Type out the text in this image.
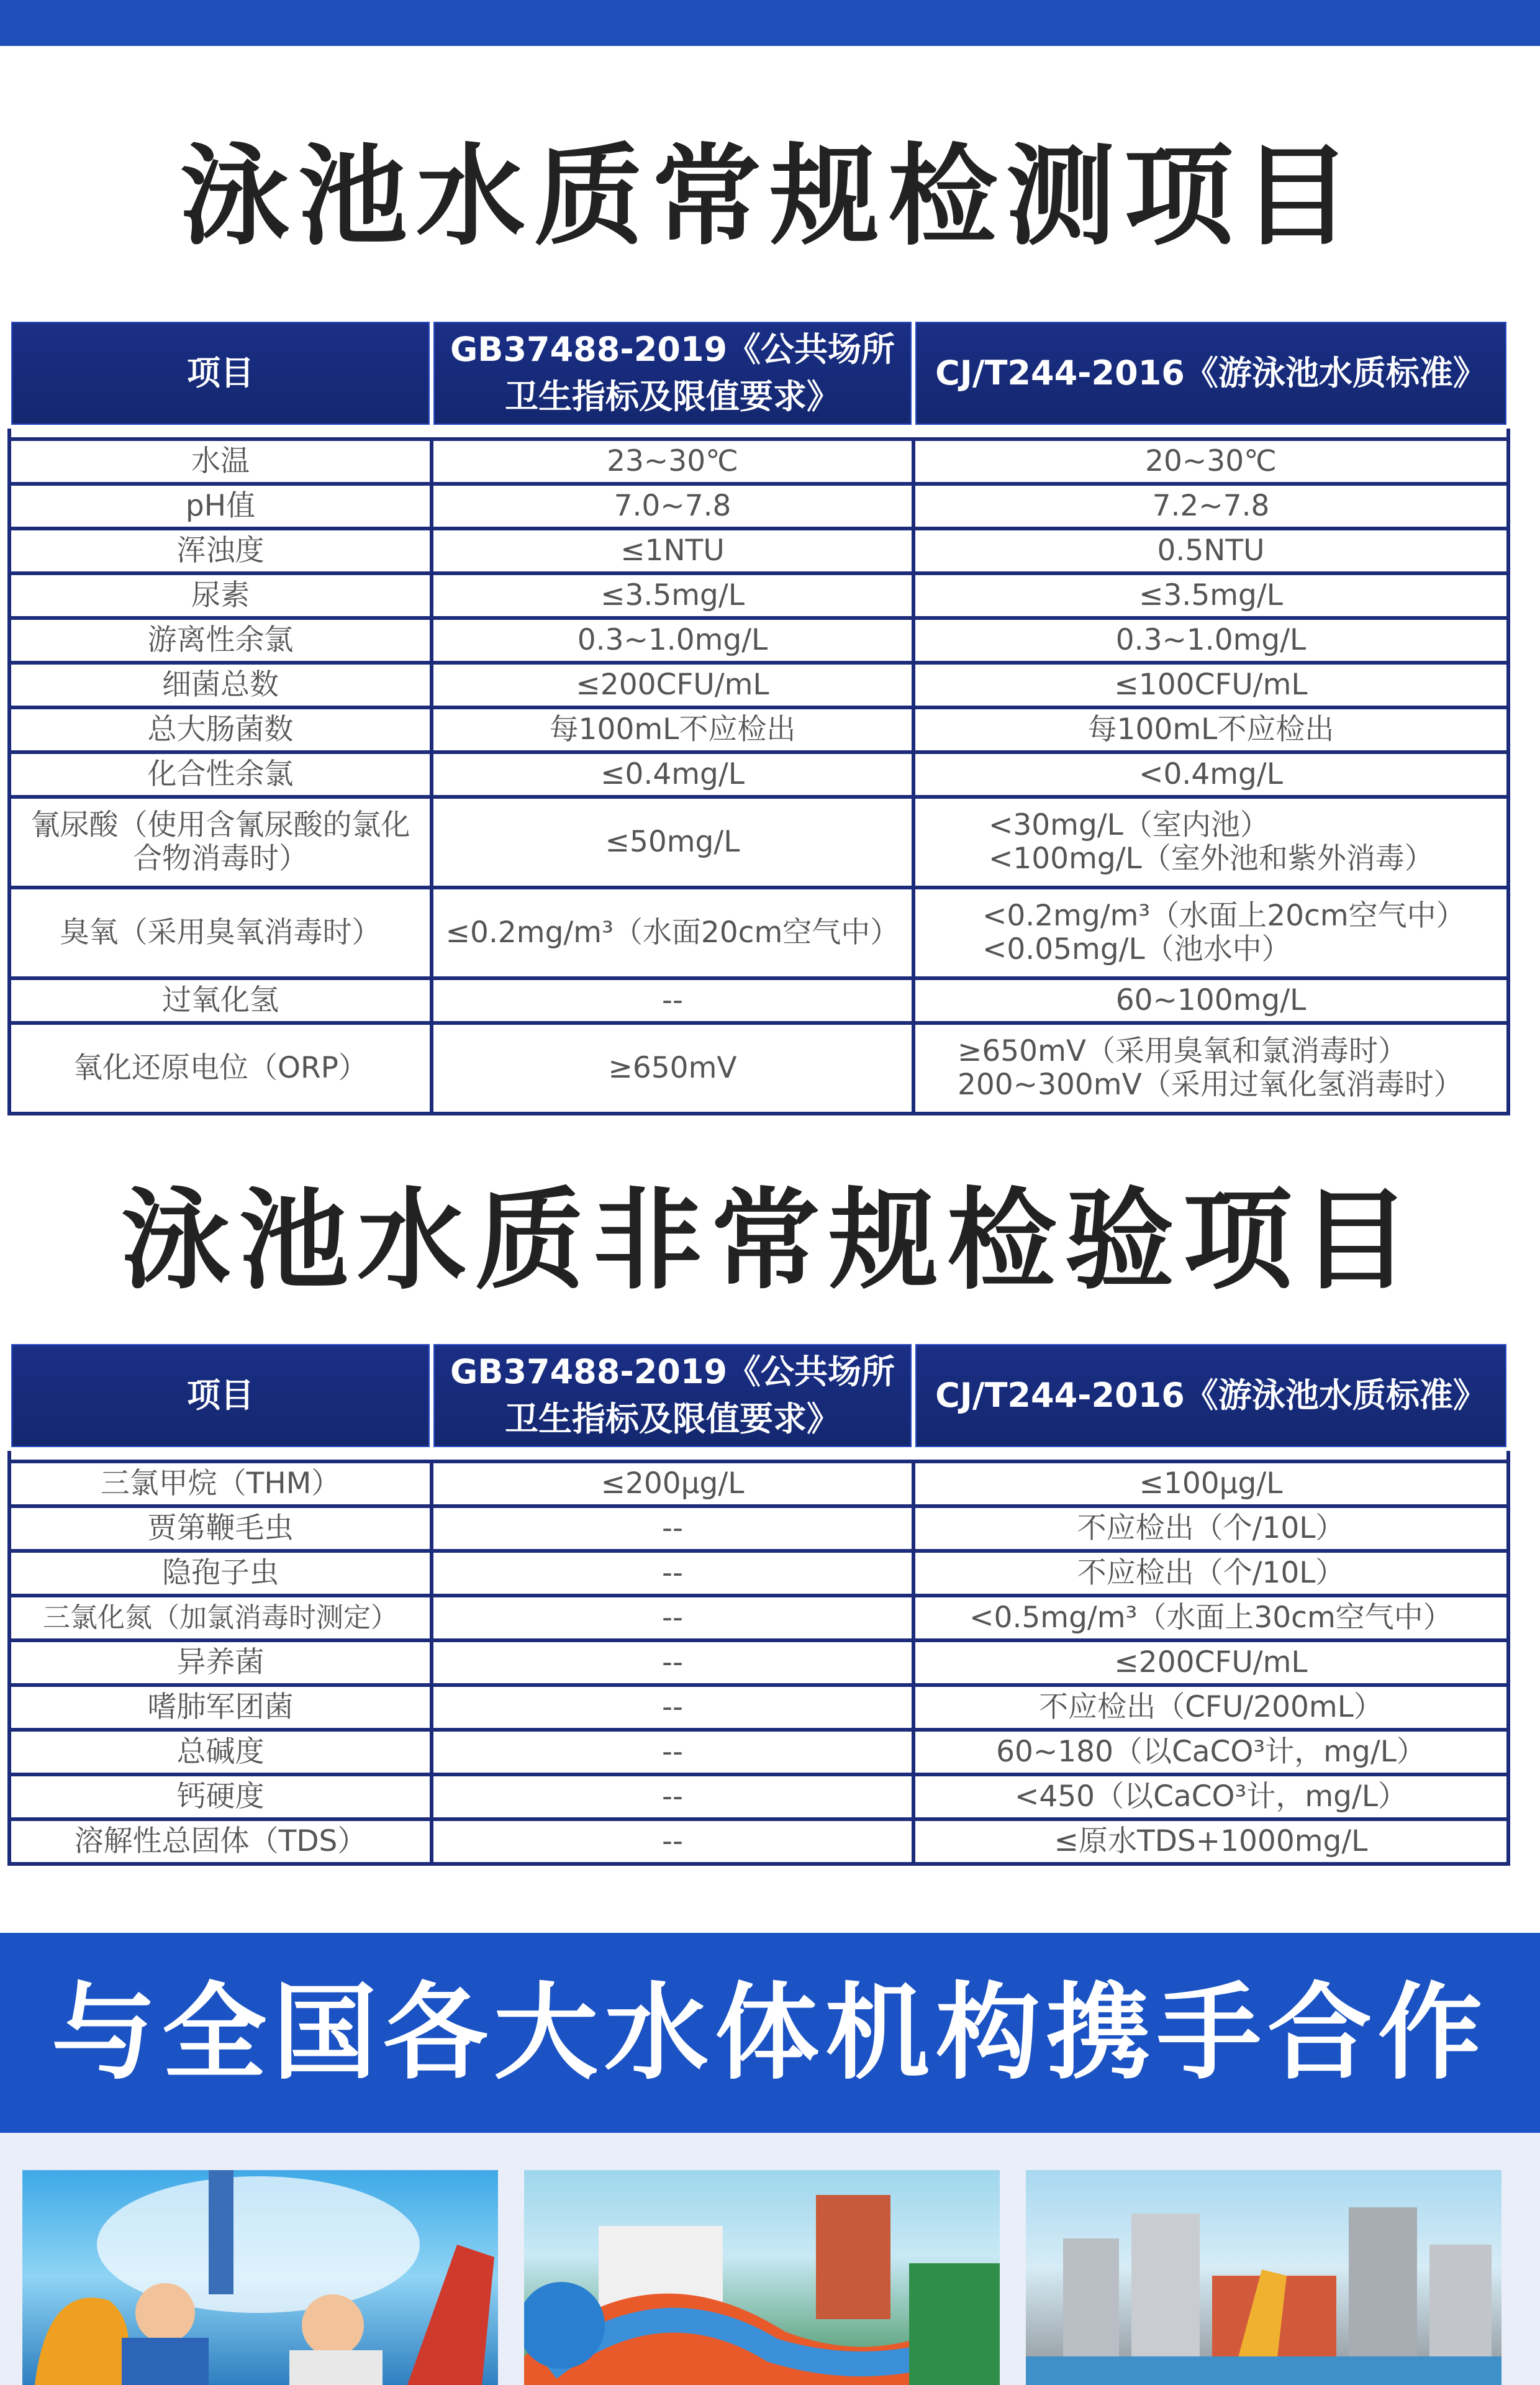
泳池水质常规检测项目
项目	GB37488-2019《公共场所卫生指标及限值要求》	CJ/T244-2016《游泳池水质标准》

水温	23~30℃	20~30℃
pH值	7.0~7.8	7.2~7.8
浑浊度	≤1NTU	0.5NTU
尿素	≤3.5mg/L	≤3.5mg/L
游离性余氯	0.3~1.0mg/L	0.3~1.0mg/L
细菌总数	≤200CFU/mL	≤100CFU/mL
总大肠菌数	每100mL不应检出	每100mL不应检出
化合性余氯	≤0.4mg/L	<0.4mg/L
氰尿酸（使用含氰尿酸的氯化合物消毒时）	≤50mg/L	<30mg/L（室内池）
<100mg/L（室外池和紫外消毒）

臭氧（采用臭氧消毒时）	≤0.2mg/m³（水面20cm空气中）	<0.2mg/m³（水面上20cm空气中）
<0.05mg/L（池水中）

过氧化氢	--	60~100mg/L
氧化还原电位（ORP）	≥650mV	≥650mV（采用臭氧和氯消毒时）
200~300mV（采用过氧化氢消毒时）
泳池水质非常规检验项目
项目	GB37488-2019《公共场所卫生指标及限值要求》	CJ/T244-2016《游泳池水质标准》

三氯甲烷（THM）	≤200μg/L	≤100μg/L
贾第鞭毛虫	--	不应检出（个/10L）
隐孢子虫	--	不应检出（个/10L）
三氯化氮（加氯消毒时测定）	--	<0.5mg/m³（水面上30cm空气中）
异养菌	--	≤200CFU/mL
嗜肺军团菌	--	不应检出（CFU/200mL）
总碱度	--	60~180（以CaCO³计，mg/L）
钙硬度	--	<450（以CaCO³计，mg/L）
溶解性总固体（TDS）	--	≤原水TDS+1000mg/L
与全国各大水体机构携手合作
